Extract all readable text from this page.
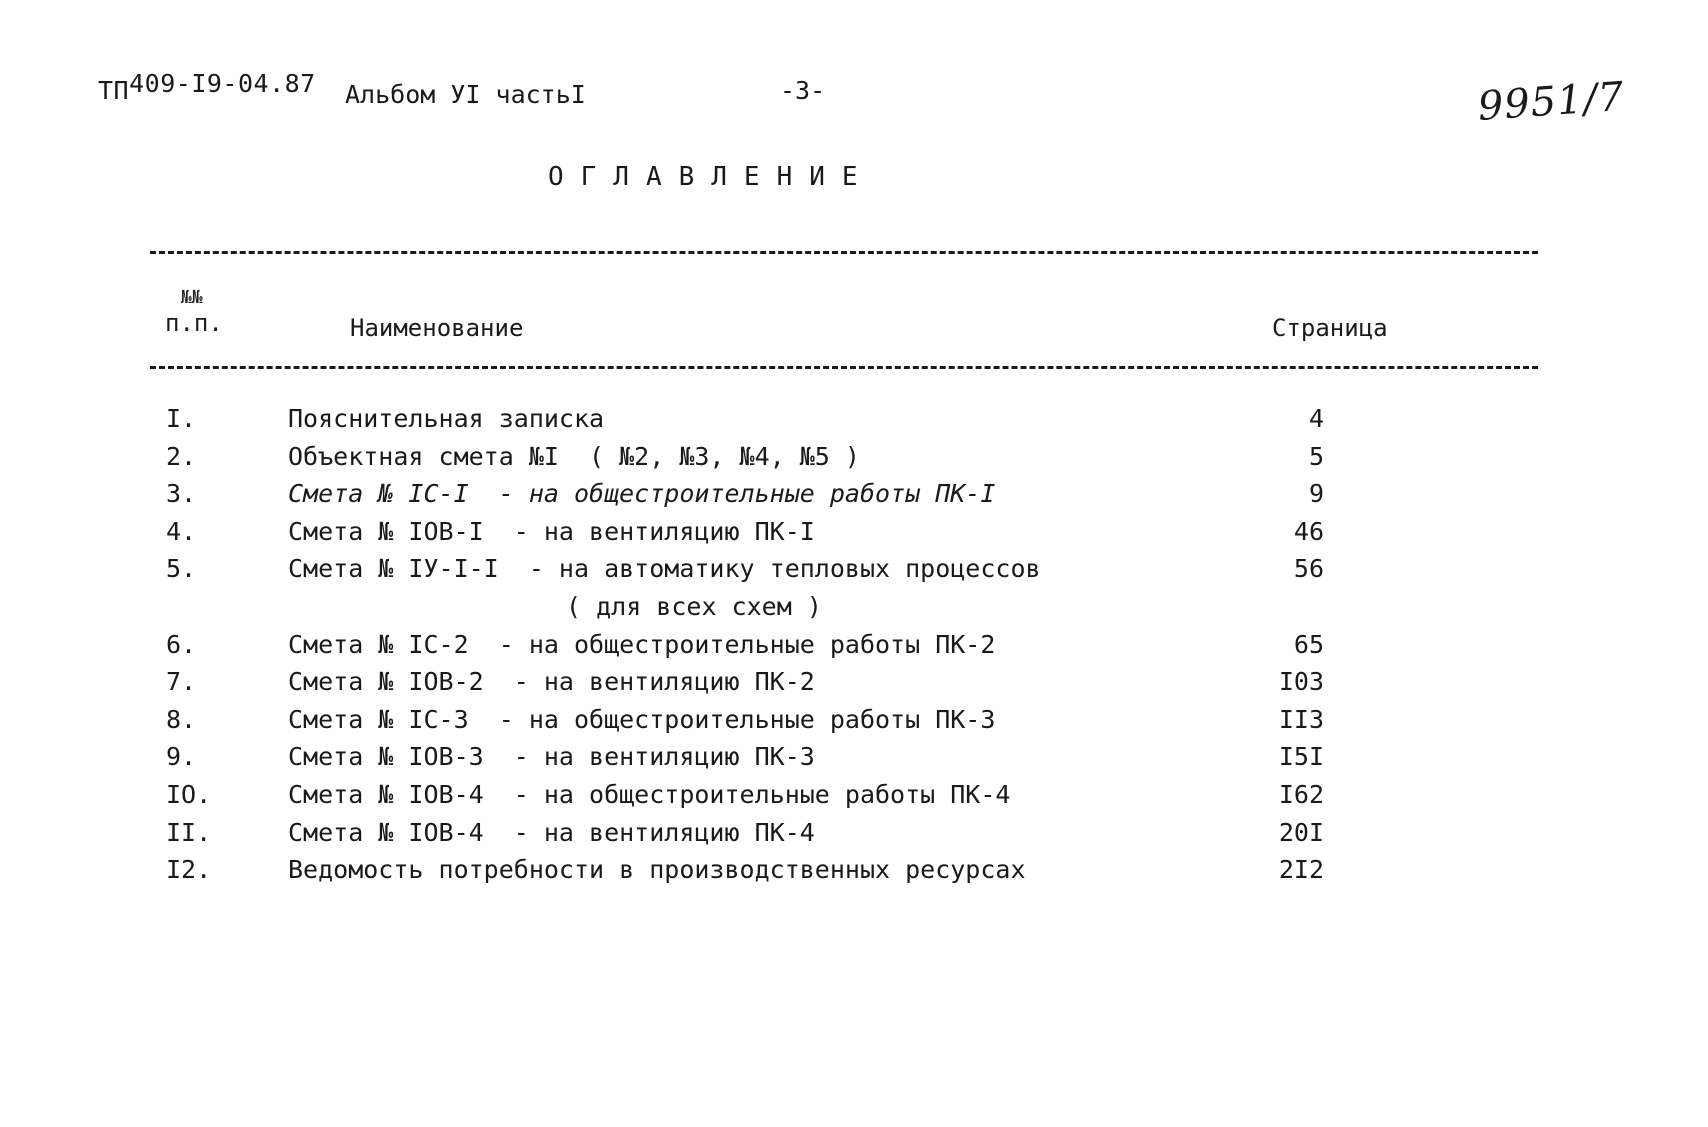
ТП409-I9-04.87 Альбом УI частьI	-3-	9951/7
ОГЛАВЛЕНИЕ
№№
п.п.	Наименование	Страница
I.	Пояснительная записка	4
2.	Объектная смета №I  ( №2, №3, №4, №5 )	5
3.	Смета № IC-I  - на общестроительные работы ПК-I	9
4.	Смета № IOB-I  - на вентиляцию ПК-I	46
5.	Смета № IУ-I-I  - на автоматику тепловых процессов	56
( для всех схем )
6.	Смета № IC-2  - на общестроительные работы ПК-2	65
7.	Смета № IOB-2  - на вентиляцию ПК-2	I03
8.	Смета № IC-3  - на общестроительные работы ПК-3	II3
9.	Смета № IOB-3  - на вентиляцию ПК-3	I5I
IO.	Смета № IOB-4  - на общестроительные работы ПК-4	I62
II.	Смета № IOB-4  - на вентиляцию ПК-4	20I
I2.	Ведомость потребности в производственных ресурсах	2I2
